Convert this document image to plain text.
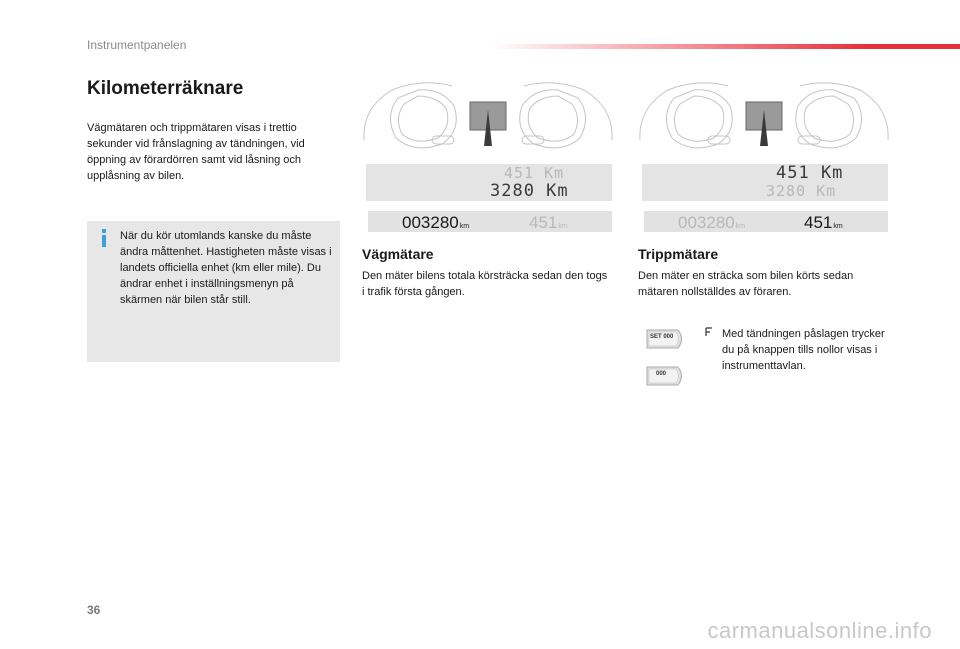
Instrumentpanelen
Kilometerräknare
Vägmätaren och trippmätaren visas i trettio sekunder vid frånslagning av tändningen, vid öppning av förardörren samt vid låsning och upplåsning av bilen.
När du kör utomlands kanske du måste ändra måttenhet. Hastigheten måste visas i landets officiella enhet (km eller mile). Du ändrar enhet i inställningsmenyn på skärmen när bilen står still.
451 Km
3280 Km
003280km	451km
Vägmätare
Den mäter bilens totala körsträcka sedan den togs i trafik första gången.
451 Km
3280 Km
003280km	451km
Trippmätare
Den mäter en sträcka som bilen körts sedan mätaren nollställdes av föraren.
SET 000
000
Med tändningen påslagen trycker du på knappen tills nollor visas i instrumenttavlan.
36
carmanualsonline.info
